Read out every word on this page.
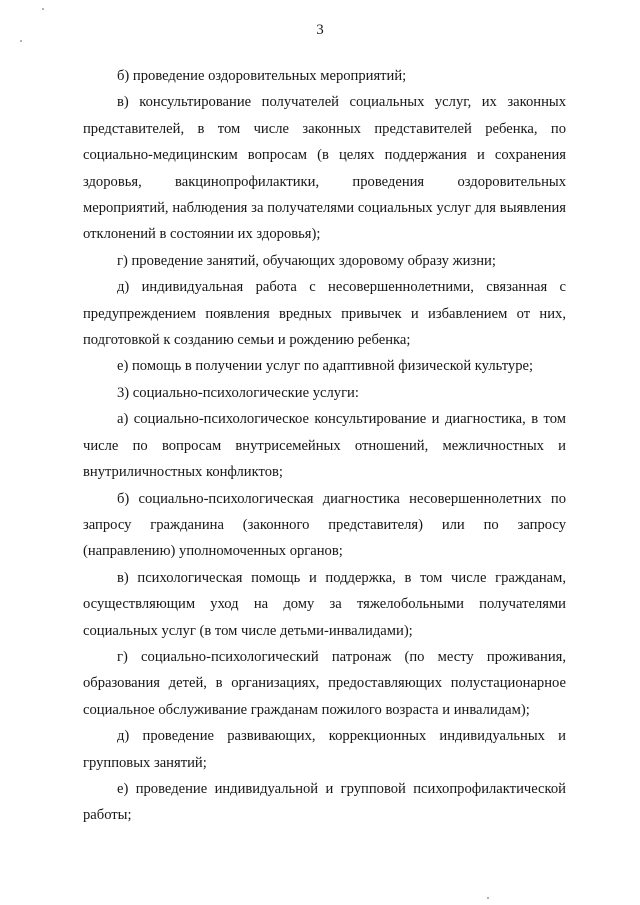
3

б) проведение оздоровительных мероприятий;

в) консультирование получателей социальных услуг, их законных представителей, в том числе законных представителей ребенка, по социально-медицинским вопросам (в целях поддержания и сохранения здоровья, вакцинопрофилактики, проведения оздоровительных мероприятий, наблюдения за получателями социальных услуг для выявления отклонений в состоянии их здоровья);

г) проведение занятий, обучающих здоровому образу жизни;

д) индивидуальная работа с несовершеннолетними, связанная с предупреждением появления вредных привычек и избавлением от них, подготовкой к созданию семьи и рождению ребенка;

е) помощь в получении услуг по адаптивной физической культуре;

3) социально-психологические услуги:

а) социально-психологическое консультирование и диагностика, в том числе по вопросам внутрисемейных отношений, межличностных и внутриличностных конфликтов;

б) социально-психологическая диагностика несовершеннолетних по запросу гражданина (законного представителя) или по запросу (направлению) уполномоченных органов;

в) психологическая помощь и поддержка, в том числе гражданам, осуществляющим уход на дому за тяжелобольными получателями социальных услуг (в том числе детьми-инвалидами);

г) социально-психологический патронаж (по месту проживания, образования детей, в организациях, предоставляющих полустационарное социальное обслуживание гражданам пожилого возраста и инвалидам);

д) проведение развивающих, коррекционных индивидуальных и групповых занятий;

е) проведение индивидуальной и групповой психопрофилактической работы;
